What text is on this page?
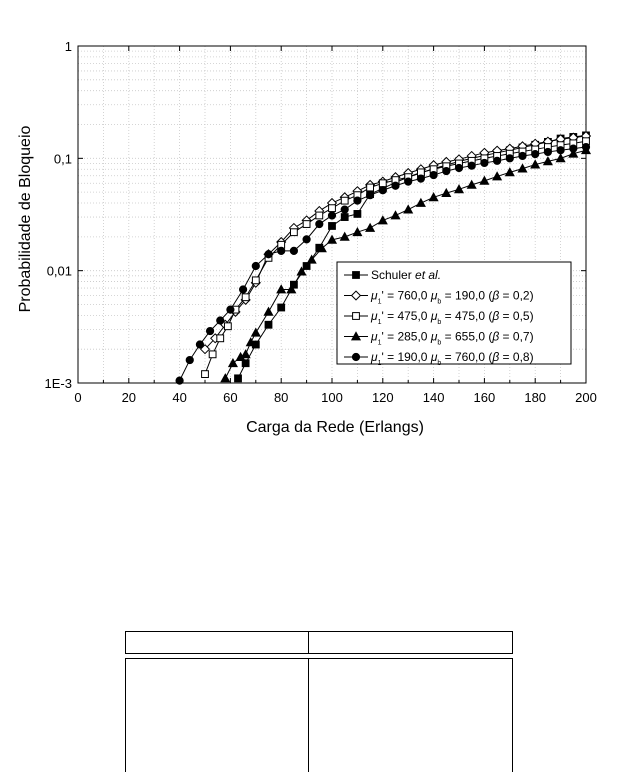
0	20	40	60	80	100 120 140 160 180 200
1E-3
0,01
0,1
1
Carga da Rede (Erlangs)
Probabilidade de Bloqueio	Schuler et al.
$\mu_1' = 760,0$ $\mu_b = 190,0$ (β = 0,2)
$\mu_1' = 475,0$ $\mu_b = 475,0$ (β = 0,5)
$\mu_1' = 285,0$ $\mu_b = 655,0$ (β = 0,7)
$\mu_1' = 190,0$ $\mu_b = 760,0$ (β = 0,8)
